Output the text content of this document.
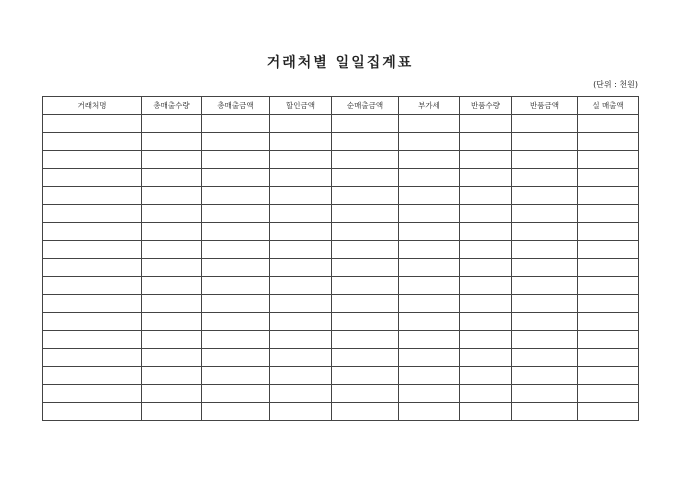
거래처별 일일집계표
(단위 : 천원)
거래처명	총매출수량	총매출금액	할인금액	순매출금액	부가세	반품수량	반품금액	실 매출액
